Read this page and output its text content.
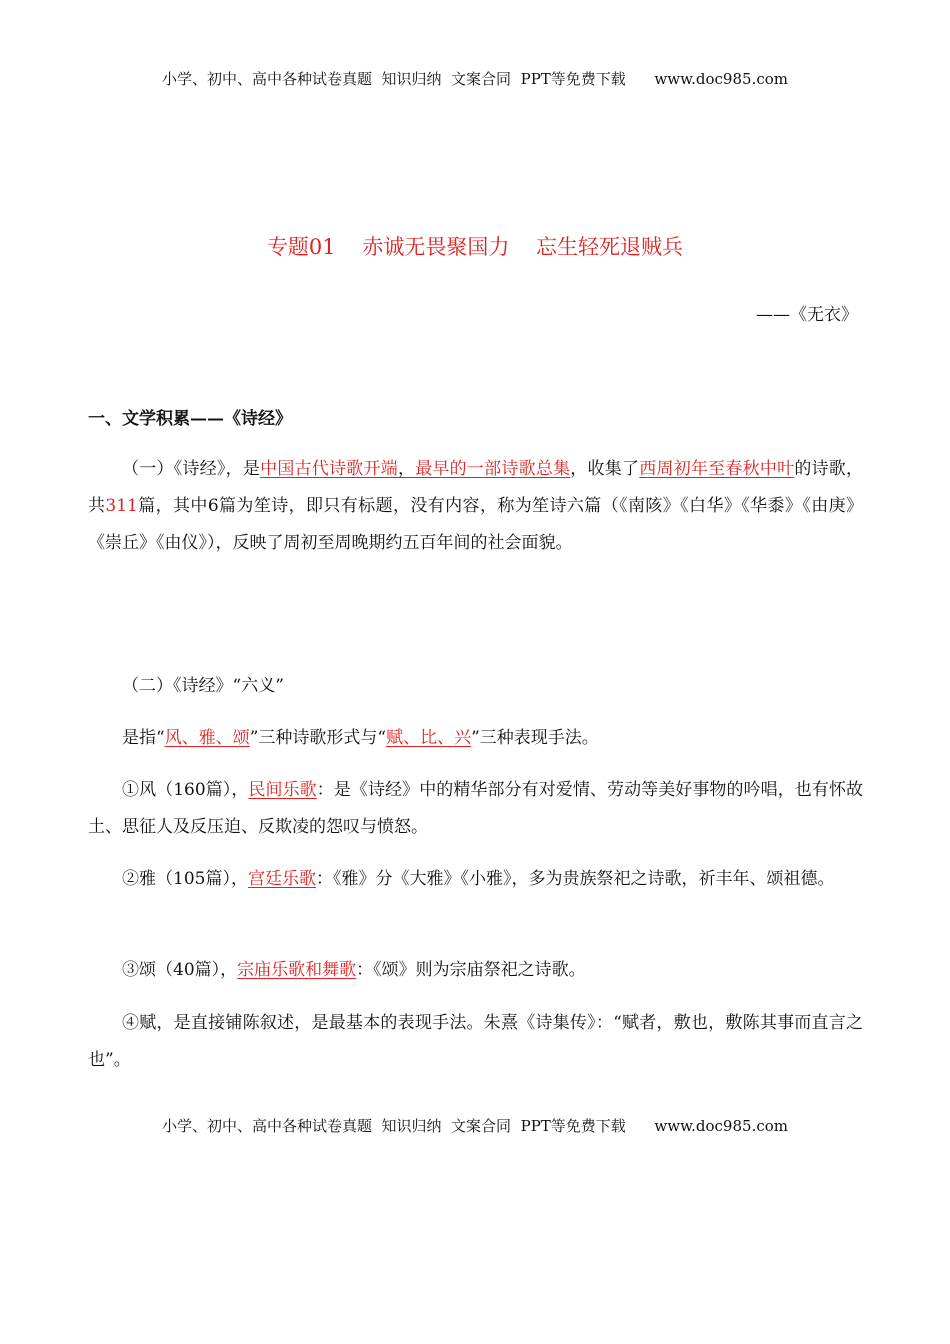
小学、初中、高中各种试卷真题  知识归纳  文案合同  PPT等免费下载      www.doc985.com
专题01    赤诚无畏聚国力    忘生轻死退贼兵
——《无衣》
一、文学积累——《诗经》
（一）《诗经》，是中国古代诗歌开端，最早的一部诗歌总集，收集了西周初年至春秋中叶的诗歌，共311篇，其中6篇为笙诗，即只有标题，没有内容，称为笙诗六篇（《南陔》《白华》《华黍》《由庚》《崇丘》《由仪》），反映了周初至周晚期约五百年间的社会面貌。
（二）《诗经》“六义”
是指“风、雅、颂”三种诗歌形式与“赋、比、兴”三种表现手法。
①风（160篇），民间乐歌：是《诗经》中的精华部分有对爱情、劳动等美好事物的吟唱，也有怀故土、思征人及反压迫、反欺凌的怨叹与愤怒。
②雅（105篇），宫廷乐歌：《雅》分《大雅》《小雅》，多为贵族祭祀之诗歌，祈丰年、颂祖德。
③颂（40篇），宗庙乐歌和舞歌：《颂》则为宗庙祭祀之诗歌。
④赋，是直接铺陈叙述，是最基本的表现手法。朱熹《诗集传》：“赋者，敷也，敷陈其事而直言之也”。
小学、初中、高中各种试卷真题  知识归纳  文案合同  PPT等免费下载      www.doc985.com
